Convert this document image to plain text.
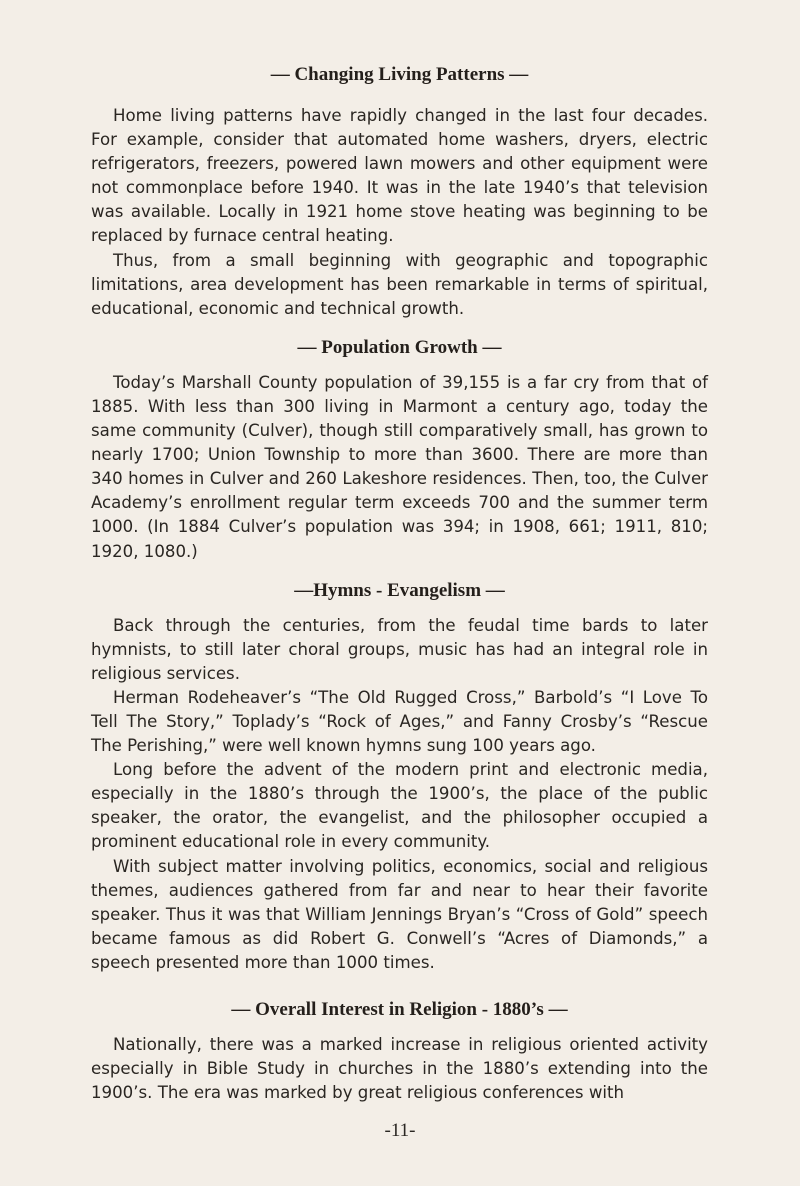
— Changing Living Patterns —

Home living patterns have rapidly changed in the last four decades. For example, consider that automated home washers, dryers, electric refrigerators, freezers, powered lawn mowers and other equipment were not commonplace before 1940. It was in the late 1940’s that television was available. Locally in 1921 home stove heating was beginning to be replaced by furnace central heating.

Thus, from a small beginning with geographic and topographic limitations, area development has been remarkable in terms of spiritual, educational, economic and technical growth.

— Population Growth —

Today’s Marshall County population of 39,155 is a far cry from that of 1885. With less than 300 living in Marmont a century ago, today the same community (Culver), though still comparatively small, has grown to nearly 1700; Union Township to more than 3600. There are more than 340 homes in Culver and 260 Lakeshore residences. Then, too, the Culver Academy’s enrollment regular term exceeds 700 and the summer term 1000. (In 1884 Culver’s population was 394; in 1908, 661; 1911, 810; 1920, 1080.)

—Hymns - Evangelism —

Back through the centuries, from the feudal time bards to later hymnists, to still later choral groups, music has had an integral role in religious services.

Herman Rodeheaver’s “The Old Rugged Cross,” Barbold’s “I Love To Tell The Story,” Toplady’s “Rock of Ages,” and Fanny Crosby’s “Rescue The Perishing,” were well known hymns sung 100 years ago.

Long before the advent of the modern print and electronic media, especially in the 1880’s through the 1900’s, the place of the public speaker, the orator, the evangelist, and the philosopher occupied a prominent educational role in every community.

With subject matter involving politics, economics, social and religious themes, audiences gathered from far and near to hear their favorite speaker. Thus it was that William Jennings Bryan’s “Cross of Gold” speech became famous as did Robert G. Conwell’s “Acres of Diamonds,” a speech presented more than 1000 times.

— Overall Interest in Religion - 1880’s —

Nationally, there was a marked increase in religious oriented activity especially in Bible Study in churches in the 1880’s extending into the 1900’s. The era was marked by great religious conferences with

-11-
